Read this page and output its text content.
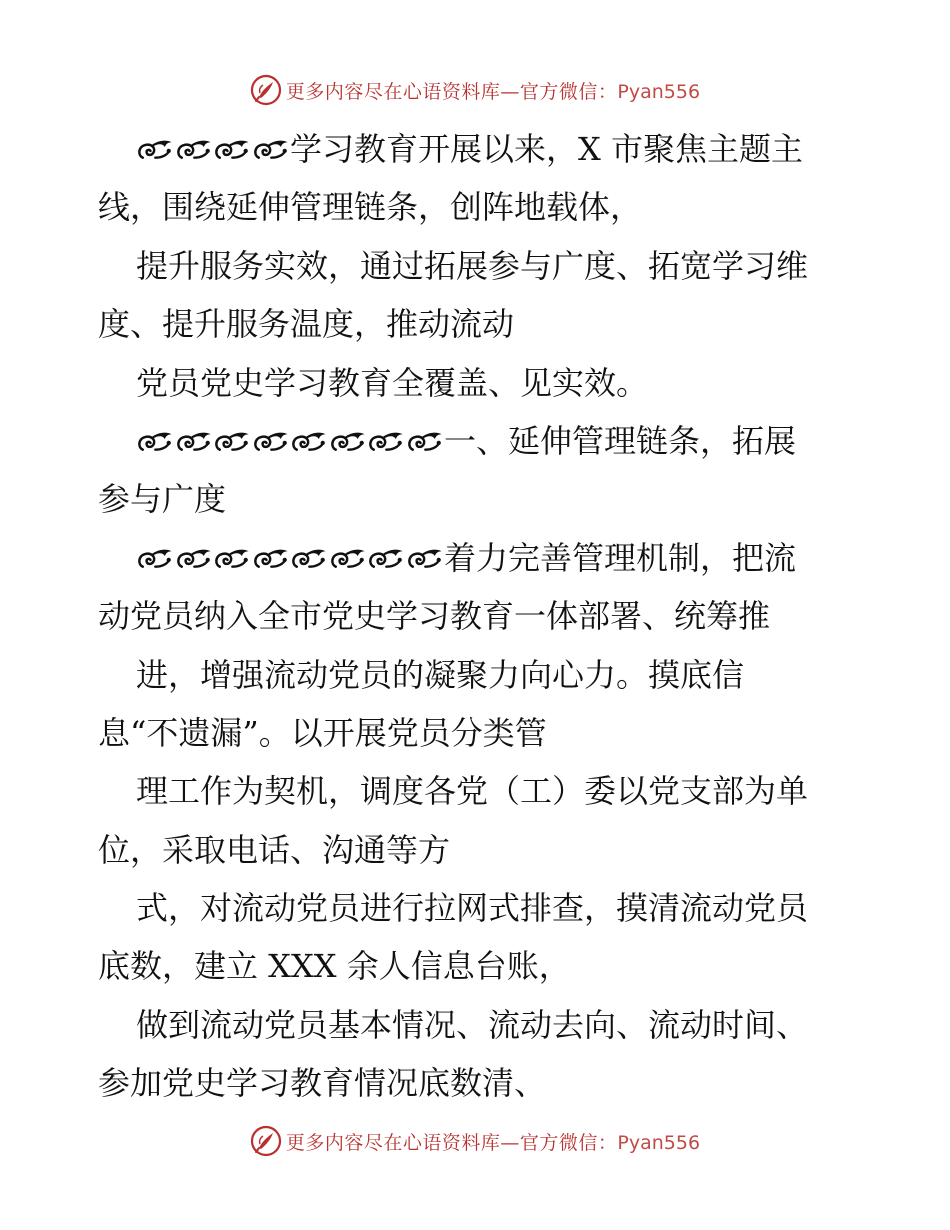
更多内容尽在心语资料库—官方微信：Pyan556
学习教育开展以来，X 市聚焦主题主
线，围绕延伸管理链条，创阵地载体，
提升服务实效，通过拓展参与广度、拓宽学习维
度、提升服务温度，推动流动
党员党史学习教育全覆盖、见实效。
一、延伸管理链条，拓展
参与广度
着力完善管理机制，把流
动党员纳入全市党史学习教育一体部署、统筹推
进，增强流动党员的凝聚力向心力。摸底信
息“不遗漏”。以开展党员分类管
理工作为契机，调度各党（工）委以党支部为单
位，采取电话、沟通等方
式，对流动党员进行拉网式排查，摸清流动党员
底数，建立 XXX 余人信息台账，
做到流动党员基本情况、流动去向、流动时间、
参加党史学习教育情况底数清、
更多内容尽在心语资料库—官方微信：Pyan556
